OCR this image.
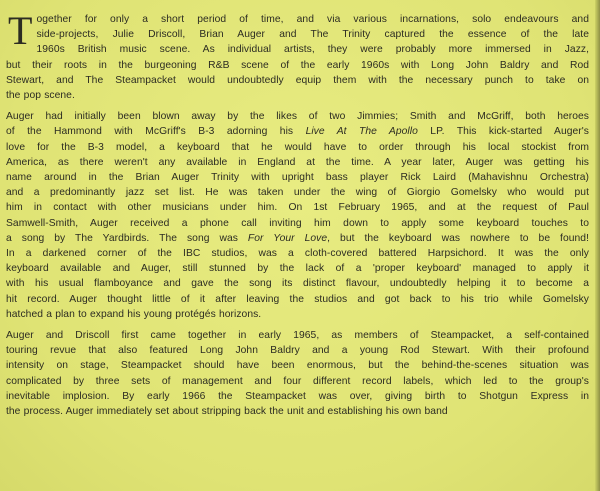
T ogether for only a short period of time, and via various incarnations, solo endeavours and
side-projects, Julie Driscoll, Brian Auger and The Trinity captured the essence of the late
1960s British music scene. As individual artists, they were probably more immersed in Jazz,
but their roots in the burgeoning R&B scene of the early 1960s with Long John Baldry and Rod
Stewart, and The Steampacket would undoubtedly equip them with the necessary punch to take on
the pop scene.
Auger had initially been blown away by the likes of two Jimmies; Smith and McGriff, both heroes
of the Hammond with McGriff's B-3 adorning his Live At The Apollo LP. This kick-started Auger's
love for the B-3 model, a keyboard that he would have to order through his local stockist from
America, as there weren't any available in England at the time. A year later, Auger was getting his
name around in the Brian Auger Trinity with upright bass player Rick Laird (Mahavishnu Orchestra)
and a predominantly jazz set list. He was taken under the wing of Giorgio Gomelsky who would put
him in contact with other musicians under him. On 1st February 1965, and at the request of Paul
Samwell-Smith, Auger received a phone call inviting him down to apply some keyboard touches to
a song by The Yardbirds. The song was For Your Love, but the keyboard was nowhere to be found!
In a darkened corner of the IBC studios, was a cloth-covered battered Harpsichord. It was the only
keyboard available and Auger, still stunned by the lack of a 'proper keyboard' managed to apply it
with his usual flamboyance and gave the song its distinct flavour, undoubtedly helping it to become a
hit record. Auger thought little of it after leaving the studios and got back to his trio while Gomelsky
hatched a plan to expand his young protégés horizons.
Auger and Driscoll first came together in early 1965, as members of Steampacket, a self-contained
touring revue that also featured Long John Baldry and a young Rod Stewart. With their profound
intensity on stage, Steampacket should have been enormous, but the behind-the-scenes situation was
complicated by three sets of management and four different record labels, which led to the group's
inevitable implosion. By early 1966 the Steampacket was over, giving birth to Shotgun Express in
the process. Auger immediately set about stripping back the unit and establishing his own band
